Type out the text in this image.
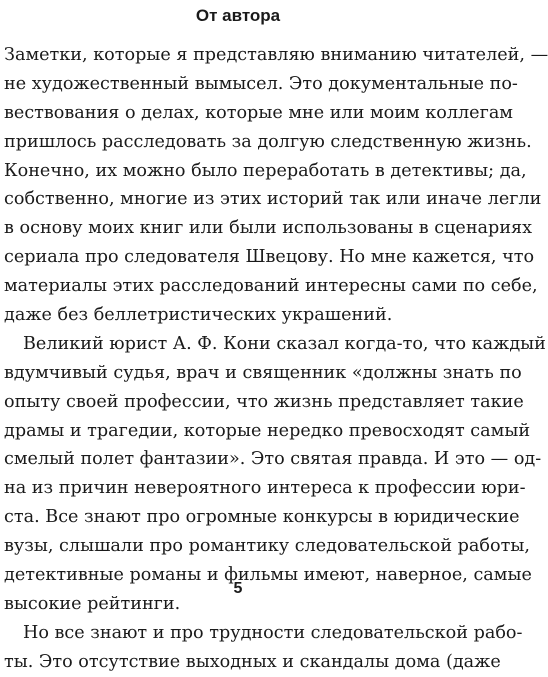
От автора
Заметки, которые я представляю вниманию читателей, —
не художественный вымысел. Это документальные по-
вествования о делах, которые мне или моим коллегам
пришлось расследовать за долгую следственную жизнь.
Конечно, их можно было переработать в детективы; да,
собственно, многие из этих историй так или иначе легли
в основу моих книг или были использованы в сценариях
сериала про следователя Швецову. Но мне кажется, что
материалы этих расследований интересны сами по себе,
даже без беллетристических украшений.
Великий юрист А. Ф. Кони сказал когда-то, что каждый
вдумчивый судья, врач и священник «должны знать по
опыту своей профессии, что жизнь представляет такие
драмы и трагедии, которые нередко превосходят самый
смелый полет фантазии». Это святая правда. И это — од-
на из причин невероятного интереса к профессии юри-
ста. Все знают про огромные конкурсы в юридические
вузы, слышали про романтику следовательской работы,
детективные романы и фильмы имеют, наверное, самые
высокие рейтинги.
Но все знают и про трудности следовательской рабо-
ты. Это отсутствие выходных и скандалы дома (даже
5
